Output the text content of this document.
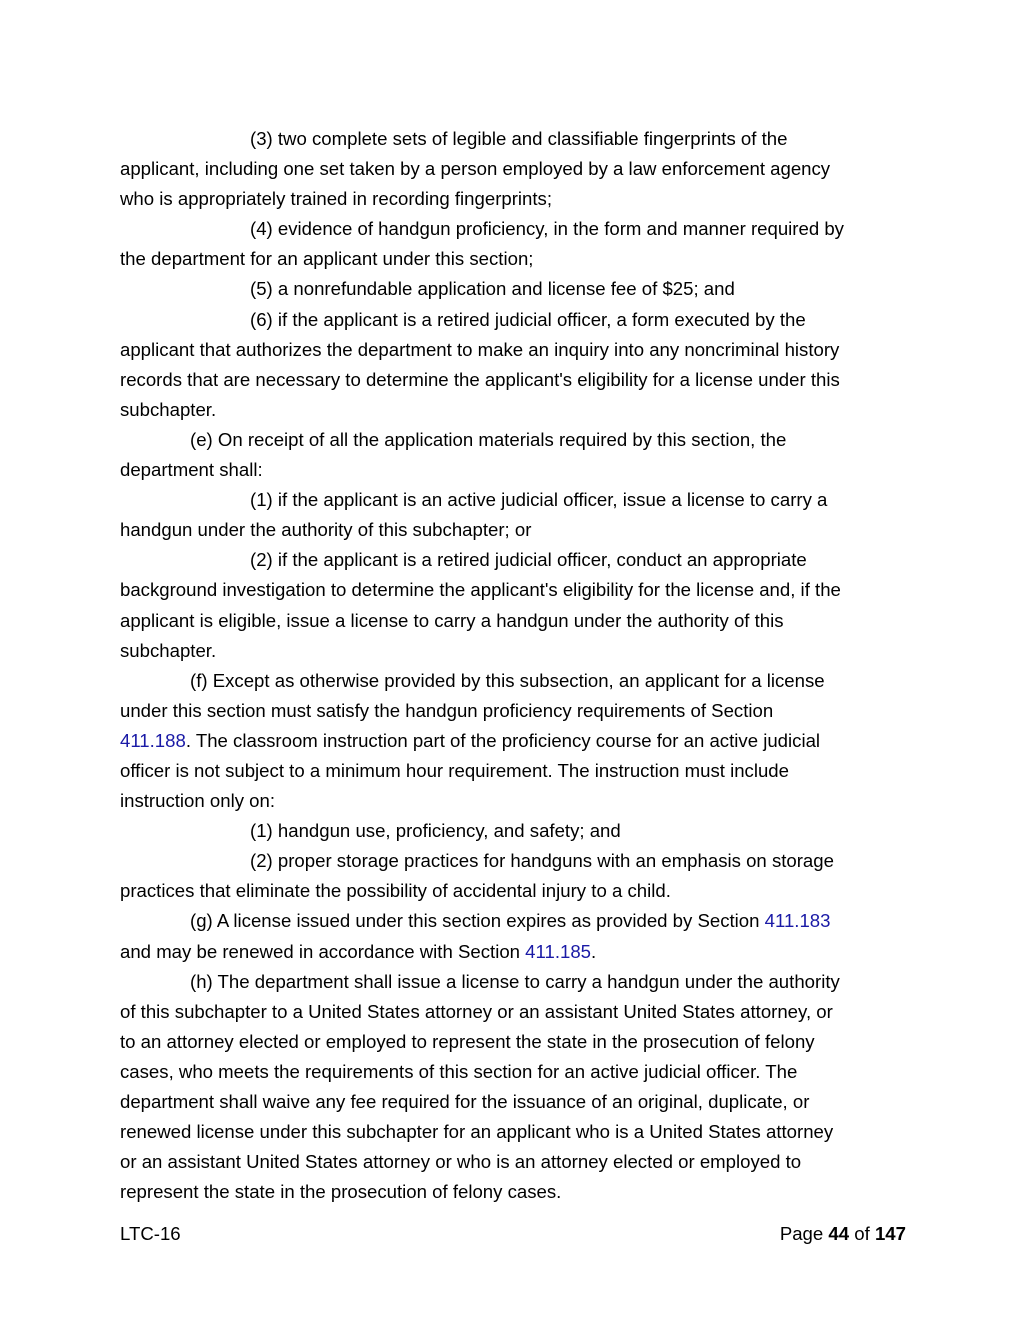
(3) two complete sets of legible and classifiable fingerprints of the
applicant, including one set taken by a person employed by a law enforcement agency
who is appropriately trained in recording fingerprints;

(4) evidence of handgun proficiency, in the form and manner required by
the department for an applicant under this section;

(5) a nonrefundable application and license fee of $25; and

(6) if the applicant is a retired judicial officer, a form executed by the
applicant that authorizes the department to make an inquiry into any noncriminal history
records that are necessary to determine the applicant's eligibility for a license under this
subchapter.

(e) On receipt of all the application materials required by this section, the
department shall:

(1) if the applicant is an active judicial officer, issue a license to carry a
handgun under the authority of this subchapter; or

(2) if the applicant is a retired judicial officer, conduct an appropriate
background investigation to determine the applicant's eligibility for the license and, if the
applicant is eligible, issue a license to carry a handgun under the authority of this
subchapter.

(f) Except as otherwise provided by this subsection, an applicant for a license
under this section must satisfy the handgun proficiency requirements of Section
411.188. The classroom instruction part of the proficiency course for an active judicial
officer is not subject to a minimum hour requirement. The instruction must include
instruction only on:

(1) handgun use, proficiency, and safety; and

(2) proper storage practices for handguns with an emphasis on storage
practices that eliminate the possibility of accidental injury to a child.

(g) A license issued under this section expires as provided by Section 411.183
and may be renewed in accordance with Section 411.185.

(h) The department shall issue a license to carry a handgun under the authority
of this subchapter to a United States attorney or an assistant United States attorney, or
to an attorney elected or employed to represent the state in the prosecution of felony
cases, who meets the requirements of this section for an active judicial officer. The
department shall waive any fee required for the issuance of an original, duplicate, or
renewed license under this subchapter for an applicant who is a United States attorney
or an assistant United States attorney or who is an attorney elected or employed to
represent the state in the prosecution of felony cases.

LTC-16	Page 44 of 147
